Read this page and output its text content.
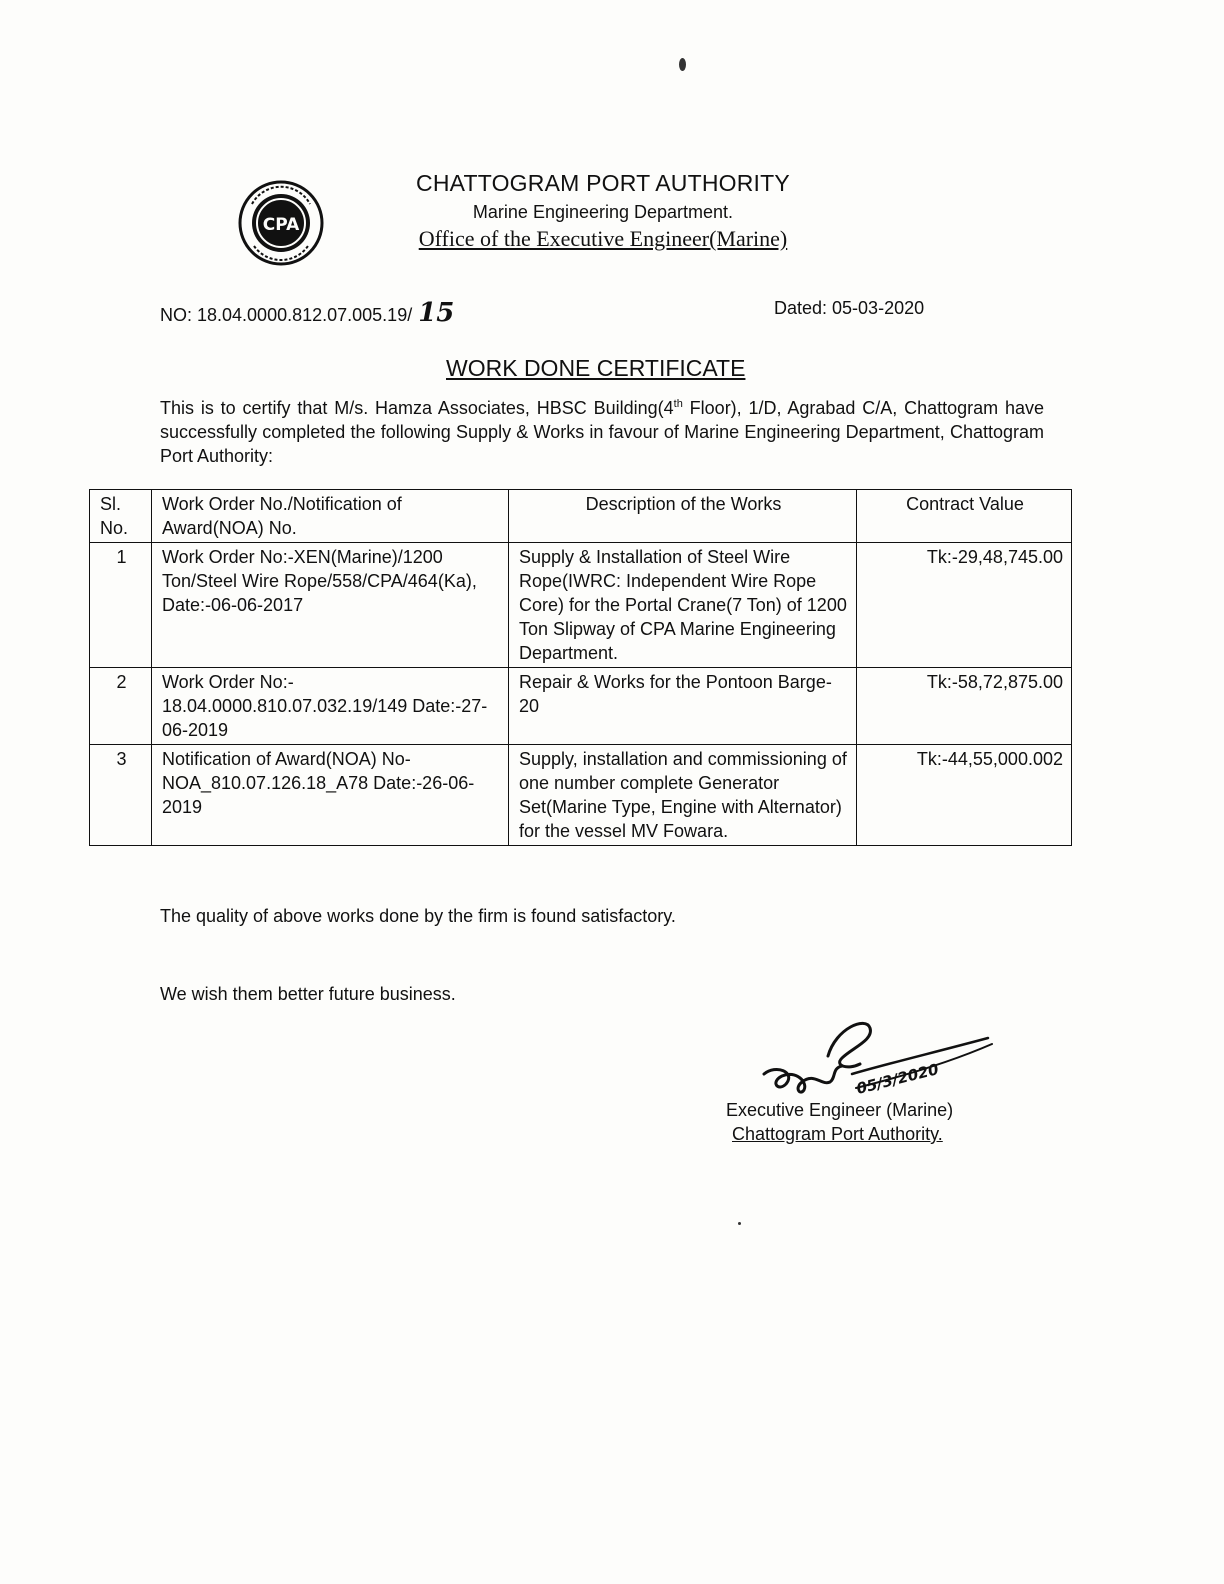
CPA
CHATTOGRAM PORT AUTHORITY
Marine Engineering Department.
Office of the Executive Engineer(Marine)
NO: 18.04.0000.812.07.005.19/ 15	Dated: 05-03-2020
WORK DONE CERTIFICATE
This is to certify that M/s. Hamza Associates, HBSC Building(4th Floor), 1/D, Agrabad C/A, Chattogram have successfully completed the following Supply & Works in favour of Marine Engineering Department, Chattogram Port Authority:
Sl. No.	Work Order No./Notification of Award(NOA) No.	Description of the Works	Contract Value
1	Work Order No:-XEN(Marine)/1200 Ton/Steel Wire Rope/558/CPA/464(Ka), Date:-06-06-2017	Supply & Installation of Steel Wire Rope(IWRC: Independent Wire Rope Core) for the Portal Crane(7 Ton) of 1200 Ton Slipway of CPA Marine Engineering Department.	Tk:-29,48,745.00
2	Work Order No:- 18.04.0000.810.07.032.19/149 Date:-27-06-2019	Repair & Works for the Pontoon Barge-20	Tk:-58,72,875.00
3	Notification of Award(NOA) No- NOA_810.07.126.18_A78 Date:-26-06-2019	Supply, installation and commissioning of one number complete Generator Set(Marine Type, Engine with Alternator) for the vessel MV Fowara.	Tk:-44,55,000.002
The quality of above works done by the firm is found satisfactory.
We wish them better future business.
05/3/2020
Executive Engineer (Marine)
Chattogram Port Authority.
